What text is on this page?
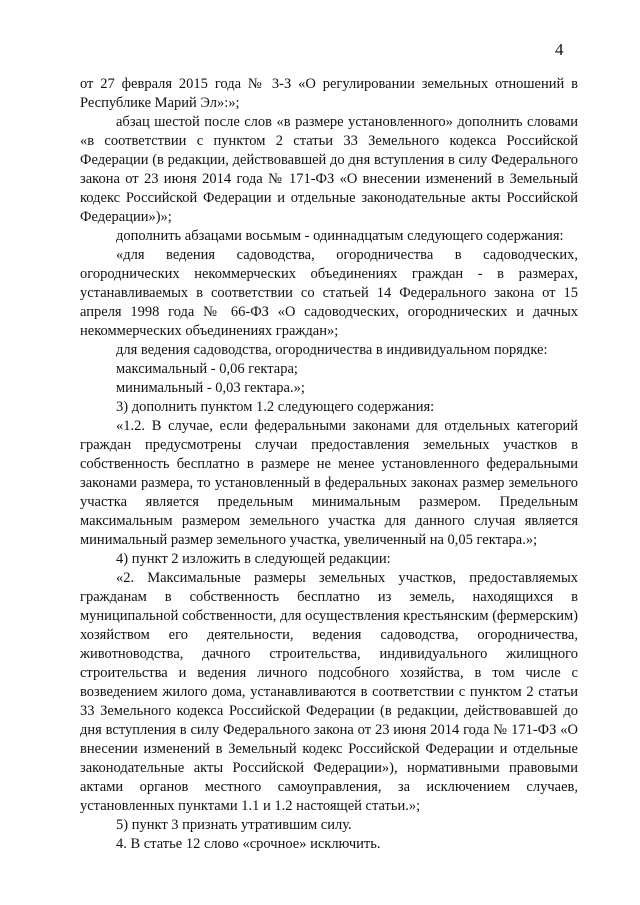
4

от 27 февраля 2015 года № 3-З «О регулировании земельных отношений в Республике Марий Эл»:»;

абзац шестой после слов «в размере установленного» дополнить словами «в соответствии с пунктом 2 статьи 33 Земельного кодекса Российской Федерации (в редакции, действовавшей до дня вступления в силу Федерального закона от 23 июня 2014 года № 171-ФЗ «О внесении изменений в Земельный кодекс Российской Федерации и отдельные законодательные акты Российской Федерации»)»;

дополнить абзацами восьмым - одиннадцатым следующего содержания:

«для ведения садоводства, огородничества в садоводческих, огороднических некоммерческих объединениях граждан - в размерах, устанавливаемых в соответствии со статьей 14 Федерального закона от 15 апреля 1998 года № 66-ФЗ «О садоводческих, огороднических и дачных некоммерческих объединениях граждан»;

для ведения садоводства, огородничества в индивидуальном порядке:

максимальный - 0,06 гектара;

минимальный - 0,03 гектара.»;

3) дополнить пунктом 1.2 следующего содержания:

«1.2. В случае, если федеральными законами для отдельных категорий граждан предусмотрены случаи предоставления земельных участков в собственность бесплатно в размере не менее установленного федеральными законами размера, то установленный в федеральных законах размер земельного участка является предельным минимальным размером. Предельным максимальным размером земельного участка для данного случая является минимальный размер земельного участка, увеличенный на 0,05 гектара.»;

4) пункт 2 изложить в следующей редакции:

«2. Максимальные размеры земельных участков, предоставляемых гражданам в собственность бесплатно из земель, находящихся в муниципальной собственности, для осуществления крестьянским (фермерским) хозяйством его деятельности, ведения садоводства, огородничества, животноводства, дачного строительства, индивидуального жилищного строительства и ведения личного подсобного хозяйства, в том числе с возведением жилого дома, устанавливаются в соответствии с пунктом 2 статьи 33 Земельного кодекса Российской Федерации (в редакции, действовавшей до дня вступления в силу Федерального закона от 23 июня 2014 года № 171-ФЗ «О внесении изменений в Земельный кодекс Российской Федерации и отдельные законодательные акты Российской Федерации»), нормативными правовыми актами органов местного самоуправления, за исключением случаев, установленных пунктами 1.1 и 1.2 настоящей статьи.»;

5) пункт 3 признать утратившим силу.

4. В статье 12 слово «срочное» исключить.
